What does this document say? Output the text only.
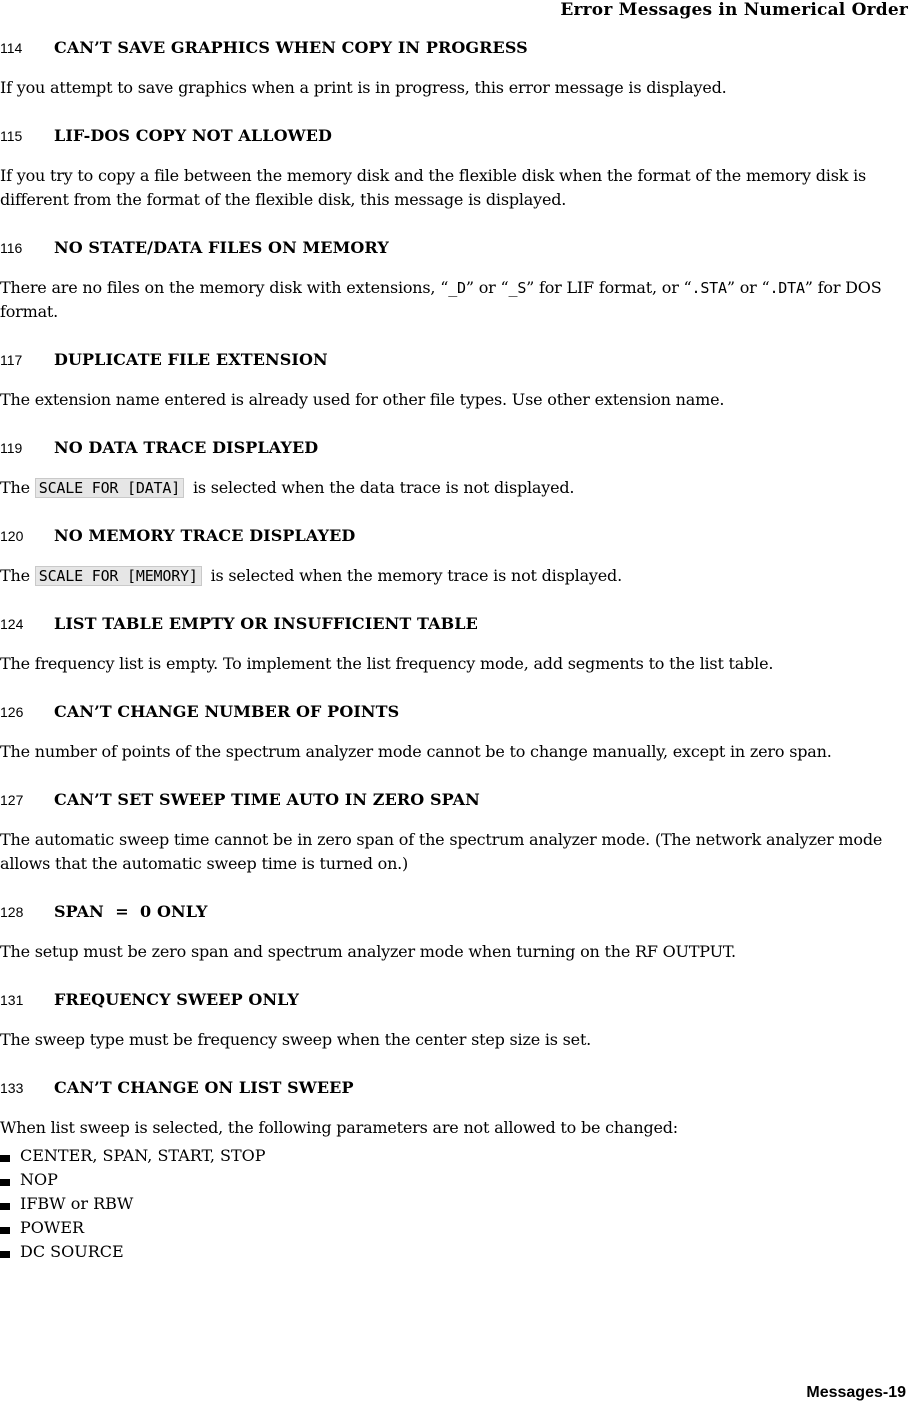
Error Messages in Numerical Order
114	CAN’T SAVE GRAPHICS WHEN COPY IN PROGRESS
If you attempt to save graphics when a print is in progress, this error message is displayed.
115	LIF-DOS COPY NOT ALLOWED
If you try to copy a file between the memory disk and the flexible disk when the format of the memory disk is different from the format of the flexible disk, this message is displayed.
116	NO STATE/DATA FILES ON MEMORY
There are no files on the memory disk with extensions, “_D” or “_S” for LIF format, or “.STA” or “.DTA” for DOS format.
117	DUPLICATE FILE EXTENSION
The extension name entered is already used for other file types. Use other extension name.
119	NO DATA TRACE DISPLAYED
The SCALE FOR [DATA] is selected when the data trace is not displayed.
120	NO MEMORY TRACE DISPLAYED
The SCALE FOR [MEMORY] is selected when the memory trace is not displayed.
124	LIST TABLE EMPTY OR INSUFFICIENT TABLE
The frequency list is empty. To implement the list frequency mode, add segments to the list table.
126	CAN’T CHANGE NUMBER OF POINTS
The number of points of the spectrum analyzer mode cannot be to change manually, except in zero span.
127	CAN’T SET SWEEP TIME AUTO IN ZERO SPAN
The automatic sweep time cannot be in zero span of the spectrum analyzer mode. (The network analyzer mode allows that the automatic sweep time is turned on.)
128	SPAN  =  0 ONLY
The setup must be zero span and spectrum analyzer mode when turning on the RF OUTPUT.
131	FREQUENCY SWEEP ONLY
The sweep type must be frequency sweep when the center step size is set.
133	CAN’T CHANGE ON LIST SWEEP
When list sweep is selected, the following parameters are not allowed to be changed:
CENTER, SPAN, START, STOP
NOP
IFBW or RBW
POWER
DC SOURCE
Messages-19
